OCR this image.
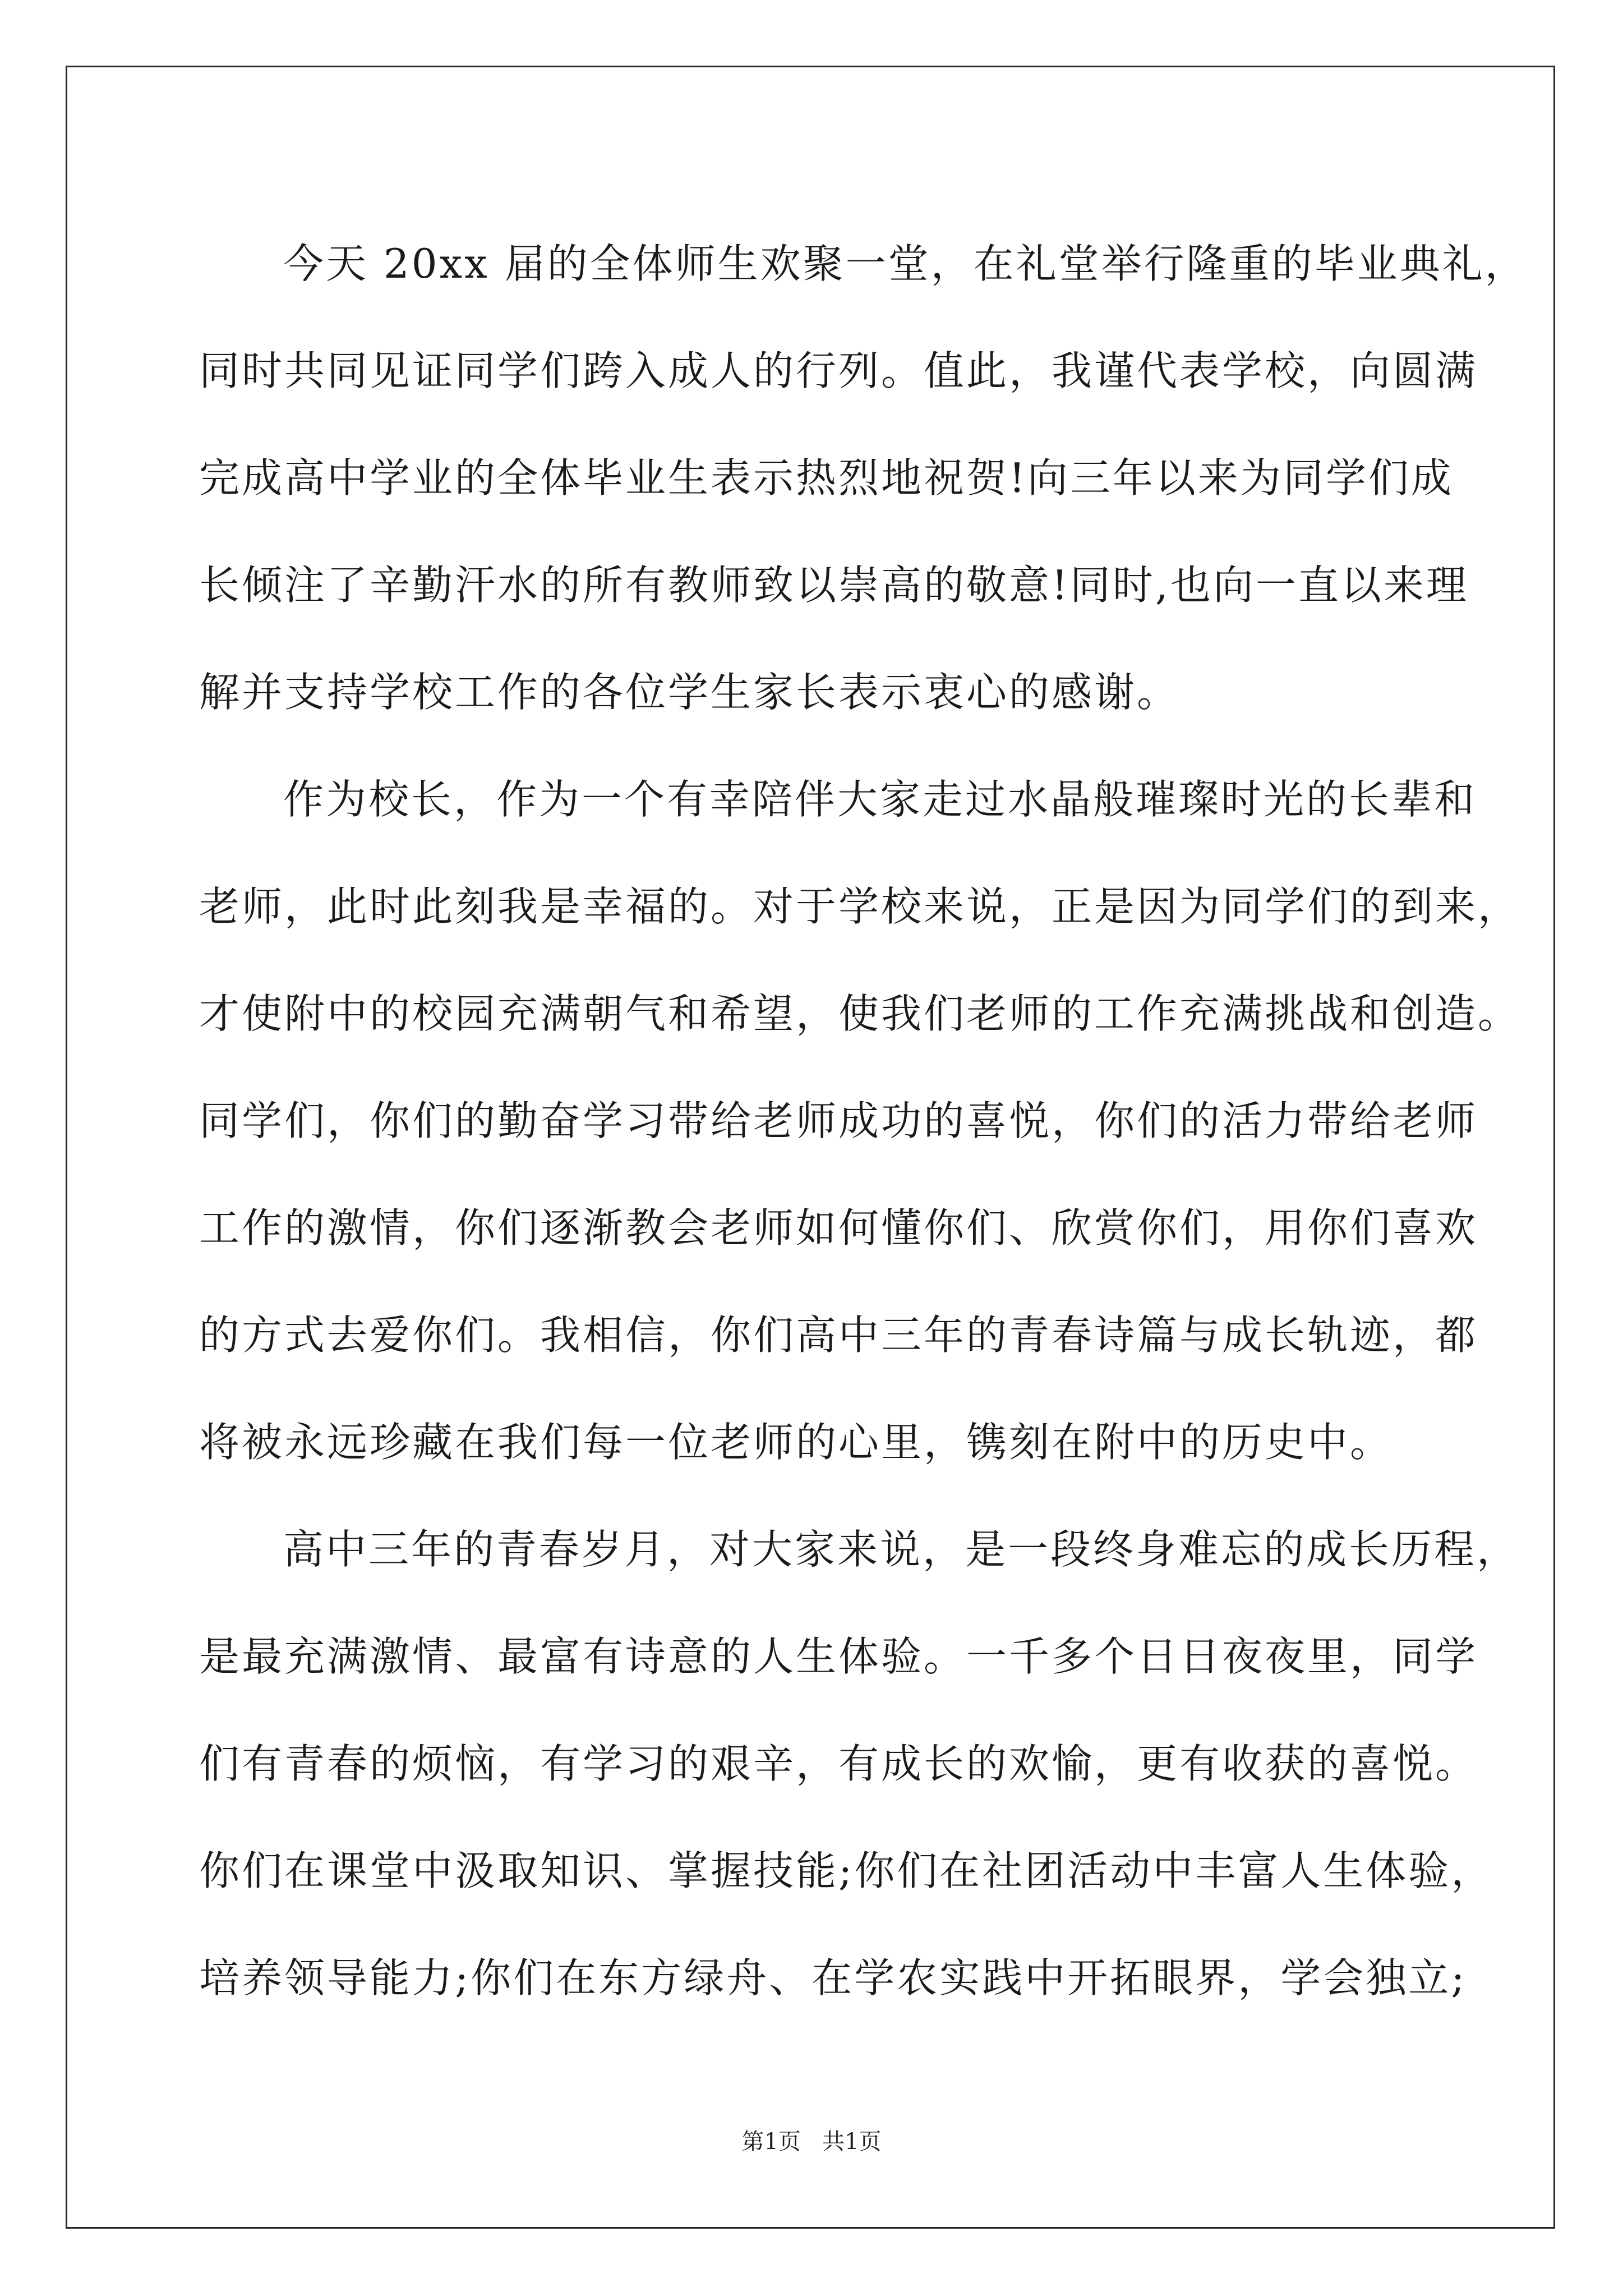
今天 20xx 届的全体师生欢聚一堂，在礼堂举行隆重的毕业典礼，
同时共同见证同学们跨入成人的行列。值此，我谨代表学校，向圆满
完成高中学业的全体毕业生表示热烈地祝贺!向三年以来为同学们成
长倾注了辛勤汗水的所有教师致以崇高的敬意!同时,也向一直以来理
解并支持学校工作的各位学生家长表示衷心的感谢。
作为校长，作为一个有幸陪伴大家走过水晶般璀璨时光的长辈和
老师，此时此刻我是幸福的。对于学校来说，正是因为同学们的到来，
才使附中的校园充满朝气和希望，使我们老师的工作充满挑战和创造。
同学们，你们的勤奋学习带给老师成功的喜悦，你们的活力带给老师
工作的激情，你们逐渐教会老师如何懂你们、欣赏你们，用你们喜欢
的方式去爱你们。我相信，你们高中三年的青春诗篇与成长轨迹，都
将被永远珍藏在我们每一位老师的心里，镌刻在附中的历史中。
高中三年的青春岁月，对大家来说，是一段终身难忘的成长历程，
是最充满激情、最富有诗意的人生体验。一千多个日日夜夜里，同学
们有青春的烦恼，有学习的艰辛，有成长的欢愉，更有收获的喜悦。
你们在课堂中汲取知识、掌握技能;你们在社团活动中丰富人生体验，
培养领导能力;你们在东方绿舟、在学农实践中开拓眼界，学会独立;
第1页   共1页
